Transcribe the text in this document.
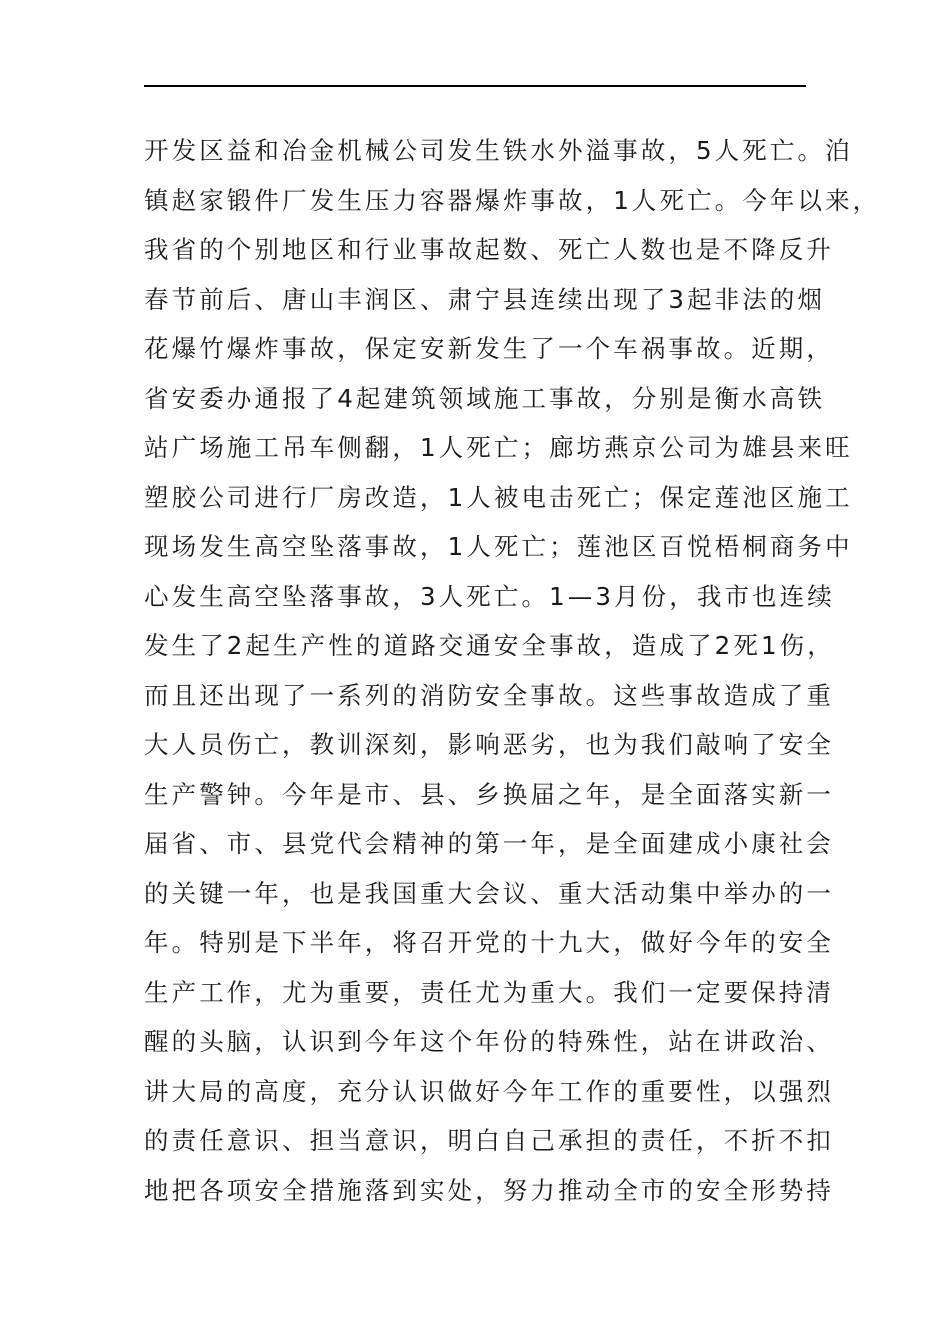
开发区益和冶金机械公司发生铁水外溢事故，5人死亡。泊
镇赵家锻件厂发生压力容器爆炸事故，1人死亡。今年以来，
我省的个别地区和行业事故起数、死亡人数也是不降反升
春节前后、唐山丰润区、肃宁县连续出现了3起非法的烟
花爆竹爆炸事故，保定安新发生了一个车祸事故。近期，
省安委办通报了4起建筑领域施工事故，分别是衡水高铁
站广场施工吊车侧翻，1人死亡；廊坊燕京公司为雄县来旺
塑胶公司进行厂房改造，1人被电击死亡；保定莲池区施工
现场发生高空坠落事故，1人死亡；莲池区百悦梧桐商务中
心发生高空坠落事故，3人死亡。1—3月份，我市也连续
发生了2起生产性的道路交通安全事故，造成了2死1伤，
而且还出现了一系列的消防安全事故。这些事故造成了重
大人员伤亡，教训深刻，影响恶劣，也为我们敲响了安全
生产警钟。今年是市、县、乡换届之年，是全面落实新一
届省、市、县党代会精神的第一年，是全面建成小康社会
的关键一年，也是我国重大会议、重大活动集中举办的一
年。特别是下半年，将召开党的十九大，做好今年的安全
生产工作，尤为重要，责任尤为重大。我们一定要保持清
醒的头脑，认识到今年这个年份的特殊性，站在讲政治、
讲大局的高度，充分认识做好今年工作的重要性，以强烈
的责任意识、担当意识，明白自己承担的责任，不折不扣
地把各项安全措施落到实处，努力推动全市的安全形势持
